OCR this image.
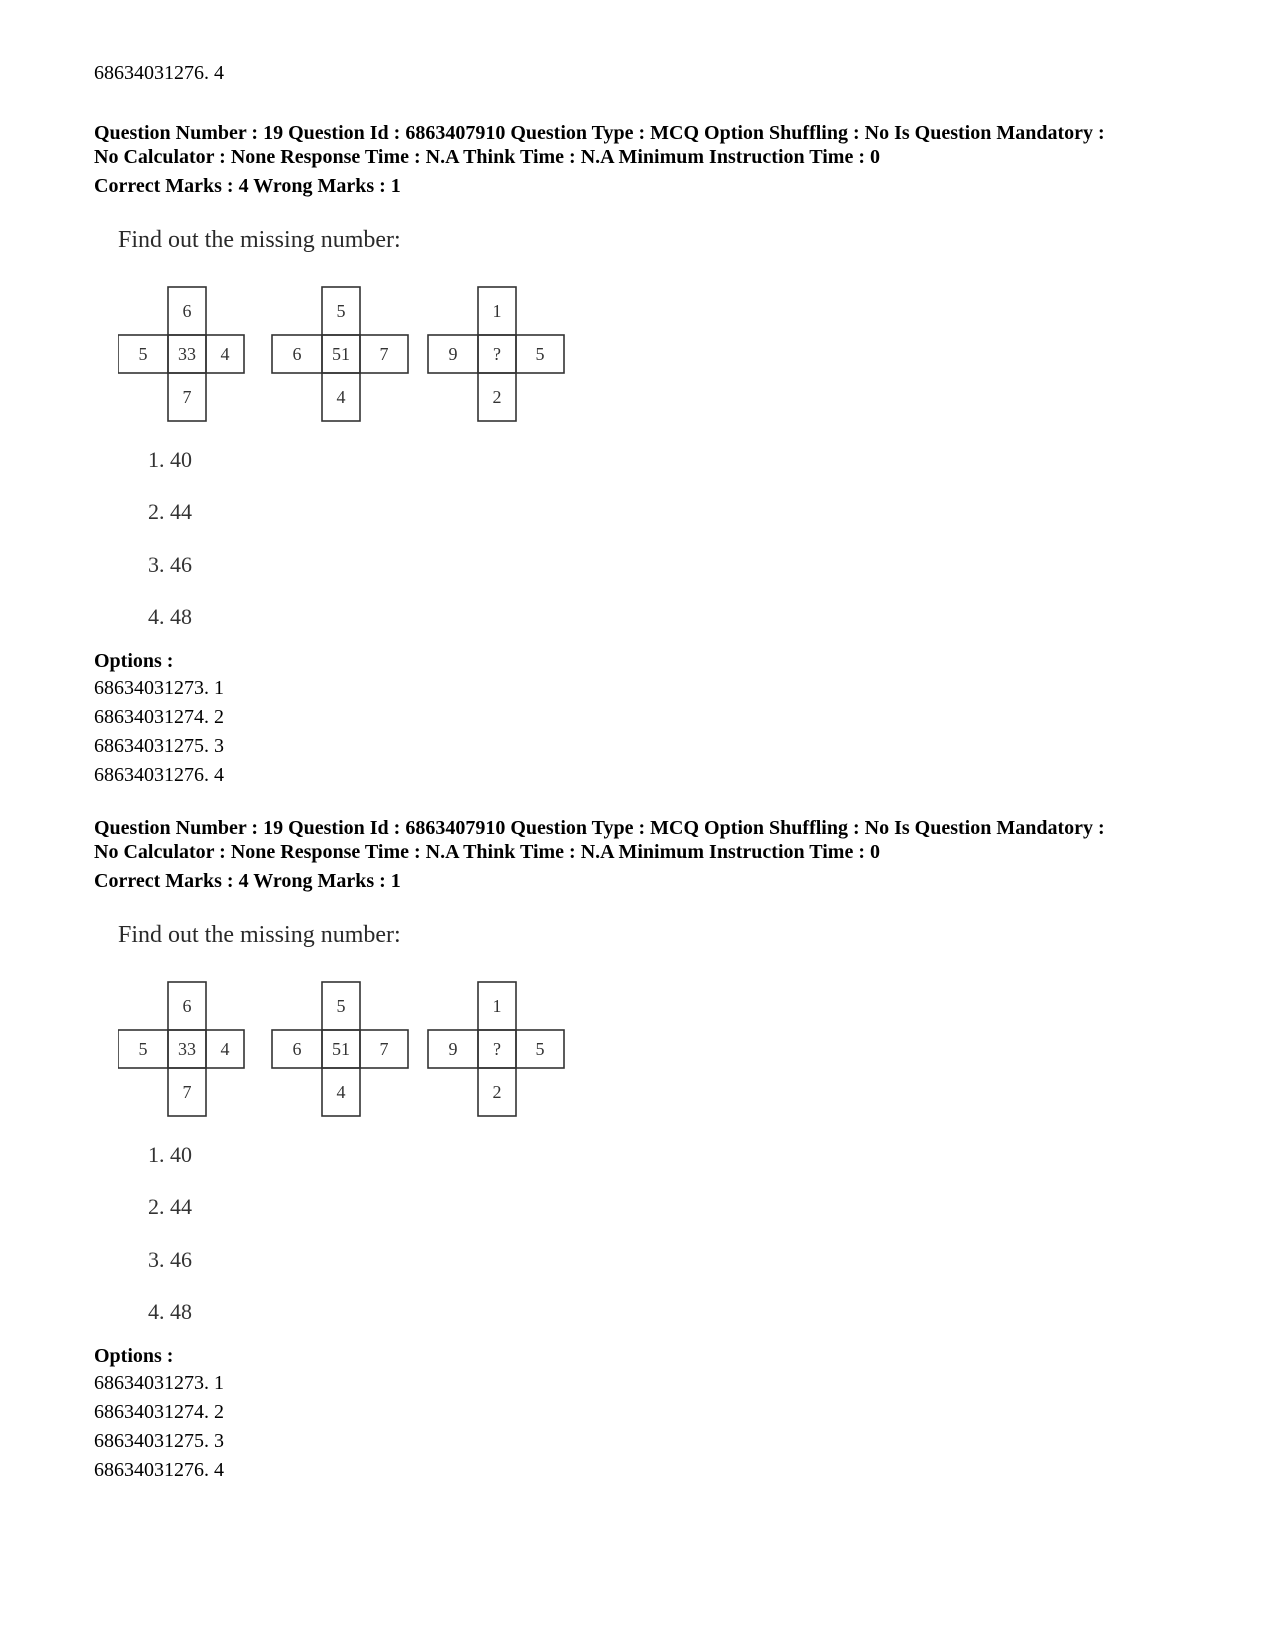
68634031276. 4
Question Number : 19 Question Id : 6863407910 Question Type : MCQ Option Shuffling : No Is Question Mandatory :
No Calculator : None Response Time : N.A Think Time : N.A Minimum Instruction Time : 0
Correct Marks : 4 Wrong Marks : 1
Find out the missing number:
6
5 33 4
7
5
6 51 7
4
1
9 ? 5
2
1. 40
2. 44
3. 46
4. 48
Options :
68634031273. 1
68634031274. 2
68634031275. 3
68634031276. 4
Question Number : 19 Question Id : 6863407910 Question Type : MCQ Option Shuffling : No Is Question Mandatory :
No Calculator : None Response Time : N.A Think Time : N.A Minimum Instruction Time : 0
Correct Marks : 4 Wrong Marks : 1
Find out the missing number:
6
5 33 4
7
5
6 51 7
4
1
9 ? 5
2
1. 40
2. 44
3. 46
4. 48
Options :
68634031273. 1
68634031274. 2
68634031275. 3
68634031276. 4
